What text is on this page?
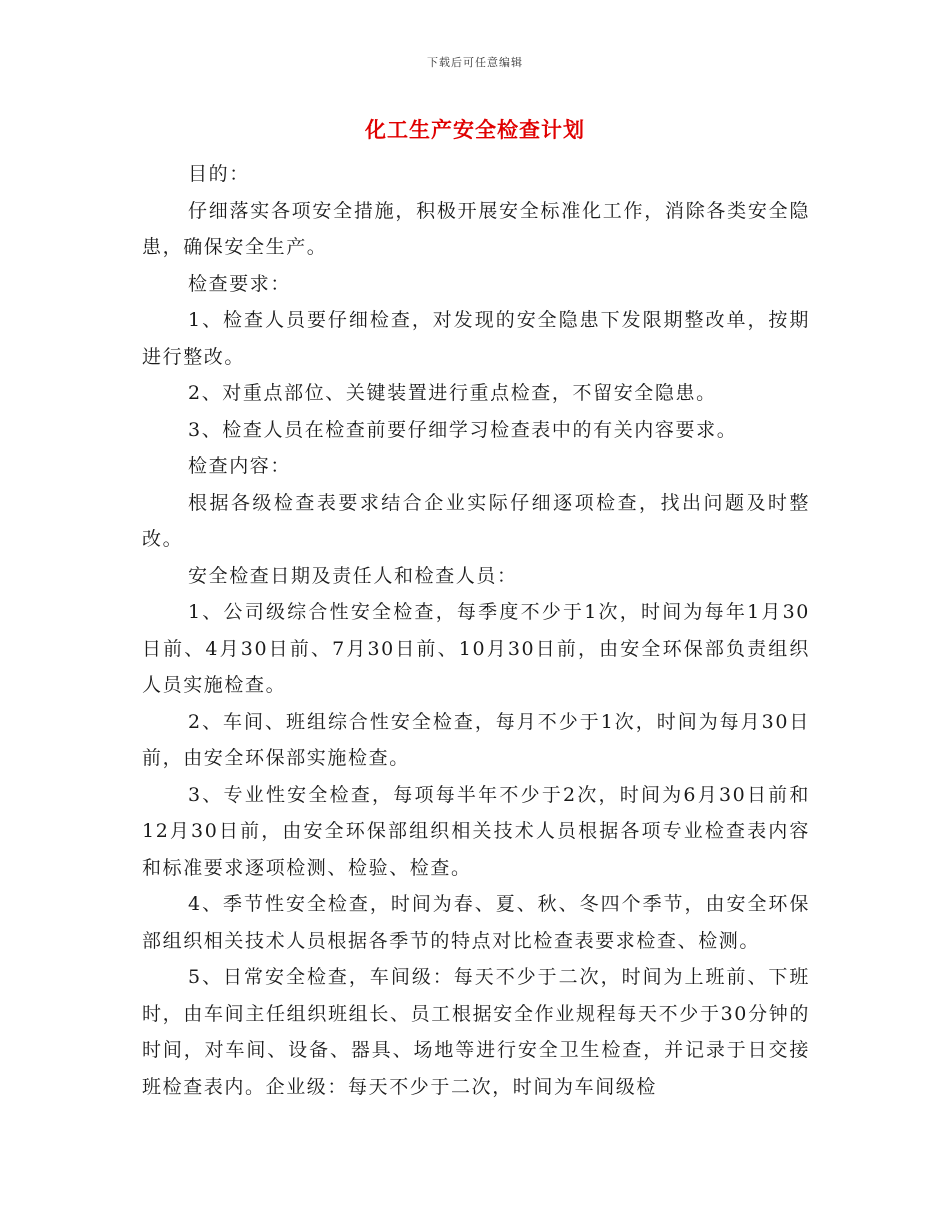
下载后可任意编辑
化工生产安全检查计划

目的：

仔细落实各项安全措施，积极开展安全标准化工作，消除各类安全隐患，确保安全生产。

检查要求：

1、检查人员要仔细检查，对发现的安全隐患下发限期整改单，按期进行整改。

2、对重点部位、关键装置进行重点检查，不留安全隐患。

3、检查人员在检查前要仔细学习检查表中的有关内容要求。

检查内容：

根据各级检查表要求结合企业实际仔细逐项检查，找出问题及时整改。

安全检查日期及责任人和检查人员：

1、公司级综合性安全检查，每季度不少于1次，时间为每年1月30日前、4月30日前、7月30日前、10月30日前，由安全环保部负责组织人员实施检查。

2、车间、班组综合性安全检查，每月不少于1次，时间为每月30日前，由安全环保部实施检查。

3、专业性安全检查，每项每半年不少于2次，时间为6月30日前和12月30日前，由安全环保部组织相关技术人员根据各项专业检查表内容和标准要求逐项检测、检验、检查。

4、季节性安全检查，时间为春、夏、秋、冬四个季节，由安全环保部组织相关技术人员根据各季节的特点对比检查表要求检查、检测。

5、日常安全检查，车间级：每天不少于二次，时间为上班前、下班时，由车间主任组织班组长、员工根据安全作业规程每天不少于30分钟的时间，对车间、设备、器具、场地等进行安全卫生检查，并记录于日交接班检查表内。企业级：每天不少于二次，时间为车间级检
